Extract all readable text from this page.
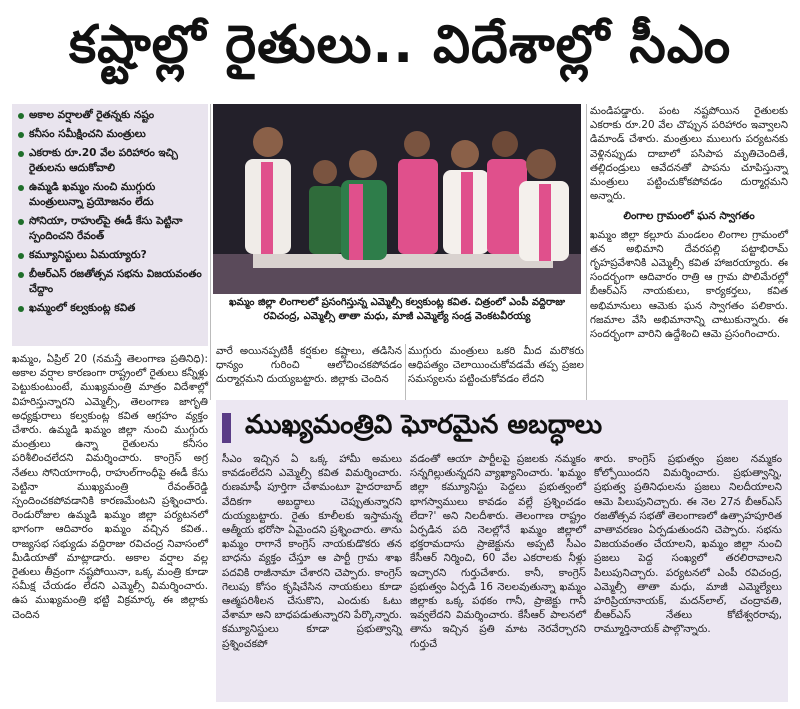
కష్టాల్లో రైతులు.. విదేశాల్లో సీఎం
అకాల వర్షాలతో రైతన్నకు నష్టం
కనీసం సమీక్షించని మంత్రులు
ఎకరాకు రూ.20 వేల పరిహారం ఇచ్చి రైతులను ఆదుకోవాలి
ఉమ్మడి ఖమ్మం నుంచి ముగ్గురు మంత్రులున్నా ప్రయోజనం లేదు
సోనియా, రాహుల్‌పై ఈడీ కేసు పెట్టినా స్పందించని రేవంత్
కమ్యూనిస్టులు ఏమయ్యారు?
బీఆర్ఎస్ రజతోత్సవ సభను విజయవంతం చేద్దాం
ఖమ్మంలో కల్వకుంట్ల కవిత	ఖమ్మం జిల్లా లింగాలలో ప్రసంగిస్తున్న ఎమ్మెల్సీ కల్వకుంట్ల కవిత. చిత్రంలో ఎంపీ వద్దిరాజు రవిచంద్ర, ఎమ్మెల్సీ తాతా మధు, మాజీ ఎమ్మెల్యే సండ్ర వెంకటవీరయ్య
ఖమ్మం, ఏప్రిల్ 20 (నమస్తే తెలంగాణ ప్రతినిధి): అకాల వర్షాల కారణంగా రాష్ట్రంలో రైతులు కన్నీళ్లు పెట్టుకుంటుంటే, ముఖ్యమంత్రి మాత్రం విదేశాల్లో విహరిస్తున్నారని ఎమ్మెల్సీ, తెలంగాణ జాగృతి అధ్యక్షురాలు కల్వకుంట్ల కవిత ఆగ్రహం వ్యక్తం చేశారు. ఉమ్మడి ఖమ్మం జిల్లా నుంచి ముగ్గురు మంత్రులు ఉన్నా రైతులను కనీసం పరిశీలించలేదని విమర్శించారు. కాంగ్రెస్ అగ్ర నేతలు సోనియాగాంధీ, రాహుల్‌గాంధీపై ఈడీ కేసు పెట్టినా ముఖ్యమంత్రి రేవంత్‌రెడ్డి స్పందించకపోవడానికి కారణమేంటని ప్రశ్నించారు. రెండురోజుల ఉమ్మడి ఖమ్మం జిల్లా పర్యటనలో భాగంగా ఆదివారం ఖమ్మం వచ్చిన కవిత.. రాజ్యసభ సభ్యుడు వద్దిరాజు రవిచంద్ర నివాసంలో మీడియాతో మాట్లాడారు. అకాల వర్షాల వల్ల రైతులు తీవ్రంగా నష్టపోయినా, ఒక్క మంత్రి కూడా సమీక్ష చేయడం లేదని ఎమ్మెల్సీ విమర్శించారు. ఉప ముఖ్యమంత్రి భట్టి విక్రమార్క ఈ జిల్లాకు చెందిన
వారే అయినప్పటికీ కర్షకుల కష్టాలు, తడిసిన ధాన్యం గురించి ఆలోచించకపోవడం దుర్మార్గమని దుయ్యబట్టారు. జిల్లాకు చెందిన
ముగ్గురు మంత్రులు ఒకరి మీద మరొకరు ఆధిపత్యం చెలాయించుకోవడమే తప్ప ప్రజల సమస్యలను పట్టించుకోవడం లేదని
మండిపడ్డారు. పంట నష్టపోయిన రైతులకు ఎకరాకు రూ.20 వేల చొప్పున పరిహారం ఇవ్వాలని డిమాండ్ చేశారు. మంత్రులు ములుగు పర్యటనకు వెళ్లినప్పుడు దాబాలో పసిపాప మృతిచెందితే, తల్లిదండ్రులు ఆవేదనతో పాపను చూపిస్తున్నా మంత్రులు పట్టించుకోకపోవడం దుర్మార్గమని అన్నారు.
లింగాల గ్రామంలో ఘన స్వాగతం
ఖమ్మం జిల్లా కల్లూరు మండలం లింగాల గ్రామంలో తన అభిమాని దేవరపల్లి పట్టాభిరామ్ గృహప్రవేశానికి ఎమ్మెల్సీ కవిత హాజరయ్యారు. ఈ సందర్భంగా ఆదివారం రాత్రి ఆ గ్రామ పొలిమేరల్లో బీఆర్ఎస్ నాయకులు, కార్యకర్తలు, కవిత అభిమానులు ఆమెకు ఘన స్వాగతం పలికారు. గజమాల వేసి అభిమానాన్ని చాటుకున్నారు. ఈ సందర్భంగా వారిని ఉద్దేశించి ఆమె ప్రసంగించారు.
ముఖ్యమంత్రివి ఘోరమైన అబద్ధాలు
సీఎం ఇచ్చిన ఏ ఒక్క హామీ అమలు కావడంలేదని ఎమ్మెల్సీ కవిత విమర్శించారు. రుణమాఫీ పూర్తిగా చేశామంటూ హైదరాబాద్ వేదికగా అబద్ధాలు చెప్పుతున్నారని దుయ్యబట్టారు. రైతు కూలీలకు ఇస్తామన్న ఆత్మీయ భరోసా ఏమైందని ప్రశ్నించారు. తాను ఖమ్మం రాగానే కాంగ్రెస్ నాయకుడొకరు తన బాధను వ్యక్తం చేస్తూ ఆ పార్టీ గ్రామ శాఖ పదవికి రాజీనామా చేశారని చెప్పారు. కాంగ్రెస్ గెలుపు కోసం కృషిచేసిన నాయకులు కూడా ఆత్మపరిశీలన చేసుకొని, ఎందుకు ఓటు వేశామా అని బాధపడుతున్నారని పేర్కొన్నారు. కమ్యూనిస్టులు కూడా ప్రభుత్వాన్ని ప్రశ్నించకపో
వడంతో ఆయా పార్టీలపై ప్రజలకు నమ్మకం సన్నగిల్లుతున్నదని వ్యాఖ్యానించారు. 'ఖమ్మం జిల్లా కమ్యూనిస్టు పెద్దలు ప్రభుత్వంలో భాగస్వాములు కావడం వల్లే ప్రశ్నించడం లేదా?' అని నిలదీశారు. తెలంగాణ రాష్ట్రం ఏర్పడిన పది నెలల్లోనే ఖమ్మం జిల్లాలో భక్తరామదాసు ప్రాజెక్టును అప్పటి సీఎం కేసీఆర్ నిర్మించి, 60 వేల ఎకరాలకు నీళ్లు ఇచ్చారని గుర్తుచేశారు. కానీ, కాంగ్రెస్ ప్రభుత్వం ఏర్పడి 16 నెలలవుతున్నా ఖమ్మం జిల్లాకు ఒక్క పథకం గానీ, ప్రాజెక్టు గానీ ఇవ్వలేదని విమర్శించారు. కేసీఆర్ పాలనలో తాను ఇచ్చిన ప్రతి మాట నెరవేర్చారని గుర్తుచే
శారు. కాంగ్రెస్ ప్రభుత్వం ప్రజల నమ్మకం కోల్పోయిందని విమర్శించారు. ప్రభుత్వాన్ని, ప్రభుత్వ ప్రతినిధులను ప్రజలు నిలదీయాలని ఆమె పిలుపునిచ్చారు. ఈ నెల 27న బీఆర్ఎస్ రజతోత్సవ సభతో తెలంగాణలో ఉత్సాహపూరిత వాతావరణం ఏర్పడుతుందని చెప్పారు. సభను విజయవంతం చేయాలని, ఖమ్మం జిల్లా నుంచి ప్రజలు పెద్ద సంఖ్యలో తరలిరావాలని పిలుపునిచ్చారు. పర్యటనలో ఎంపీ రవిచంద్ర, ఎమ్మెల్సీ తాతా మధు, మాజీ ఎమ్మెల్యేలు హరిప్రియానాయక్, మదన్‌లాల్, చంద్రావతి, బీఆర్ఎస్ నేతలు కోటేశ్వరరావు, రామ్మూర్తినాయక్ పాల్గొన్నారు.
